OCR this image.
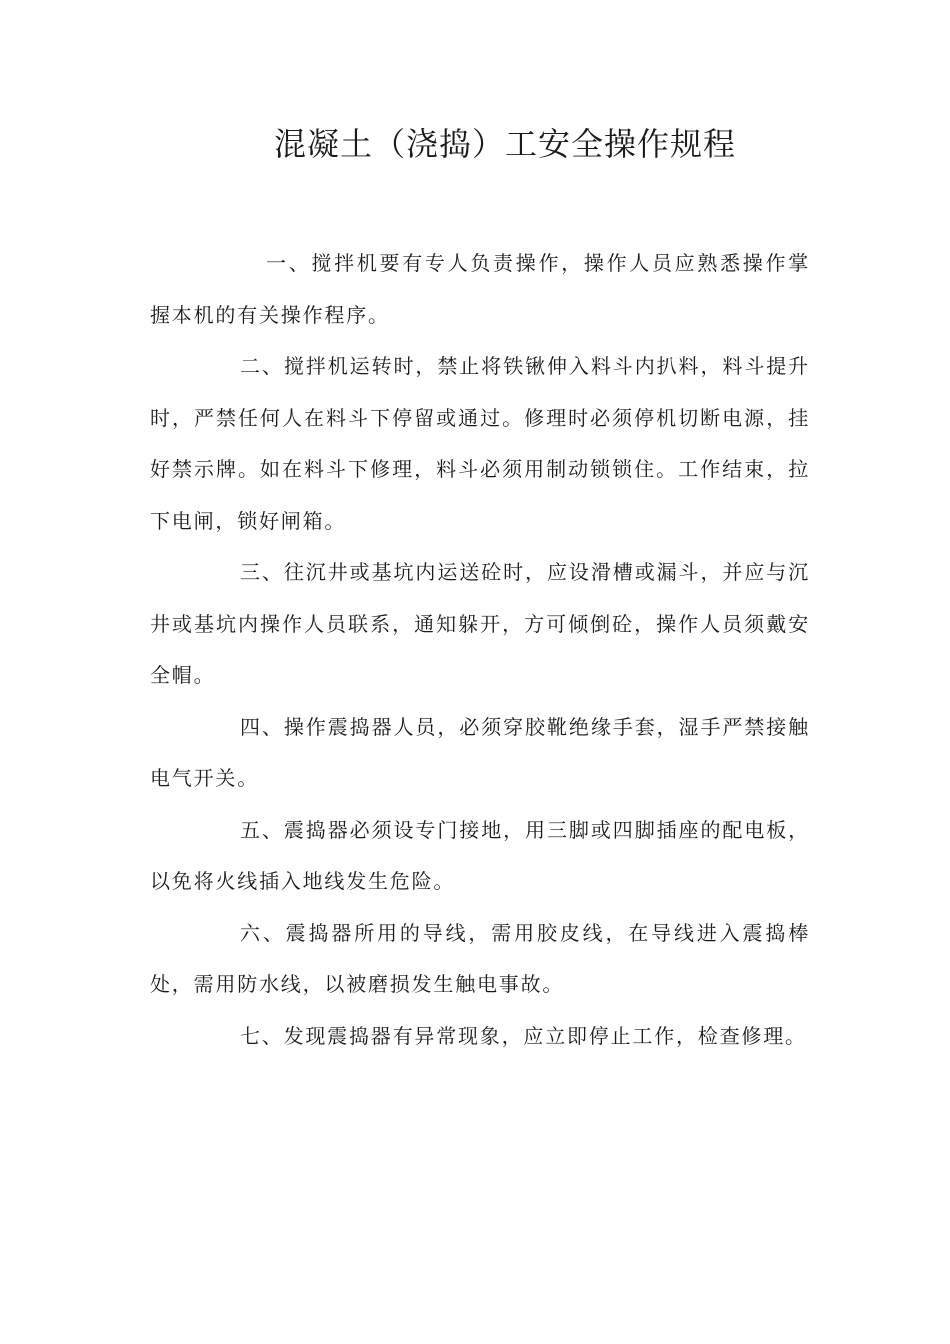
混凝土（浇捣）工安全操作规程

一、搅拌机要有专人负责操作，操作人员应熟悉操作掌握本机的有关操作程序。

二、搅拌机运转时，禁止将铁锹伸入料斗内扒料，料斗提升时，严禁任何人在料斗下停留或通过。修理时必须停机切断电源，挂好禁示牌。如在料斗下修理，料斗必须用制动锁锁住。工作结束，拉下电闸，锁好闸箱。

三、往沉井或基坑内运送砼时，应设滑槽或漏斗，并应与沉井或基坑内操作人员联系，通知躲开，方可倾倒砼，操作人员须戴安全帽。

四、操作震捣器人员，必须穿胶靴绝缘手套，湿手严禁接触电气开关。

五、震捣器必须设专门接地，用三脚或四脚插座的配电板，以免将火线插入地线发生危险。

六、震捣器所用的导线，需用胶皮线，在导线进入震捣棒处，需用防水线，以被磨损发生触电事故。

七、发现震捣器有异常现象，应立即停止工作，检查修理。
